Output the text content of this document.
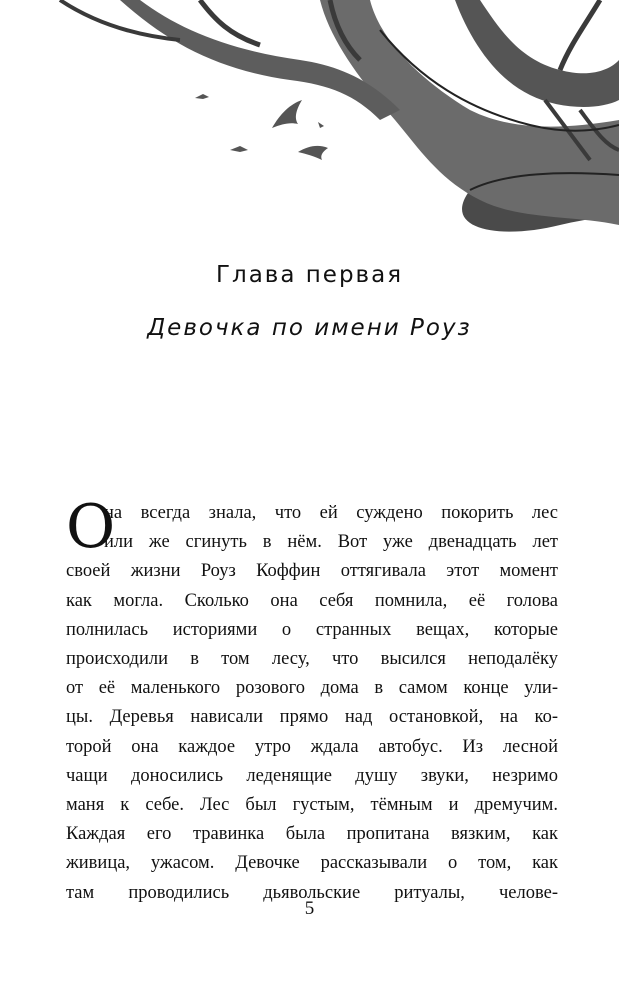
Глава первая
Девочка по имени Роуз
О
на всегда знала, что ей суждено покорить лес
или же сгинуть в нём. Вот уже двенадцать лет
своей жизни Роуз Коффин оттягивала этот момент
как могла. Сколько она себя помнила, её голова
полнилась историями о странных вещах, которые
происходили в том лесу, что высился неподалёку
от её маленького розового дома в самом конце ули-
цы. Деревья нависали прямо над остановкой, на ко-
торой она каждое утро ждала автобус. Из лесной
чащи доносились леденящие душу звуки, незримо
маня к себе. Лес был густым, тёмным и дремучим.
Каждая его травинка была пропитана вязким, как
живица, ужасом. Девочке рассказывали о том, как
там проводились дьявольские ритуалы, челове-
5
